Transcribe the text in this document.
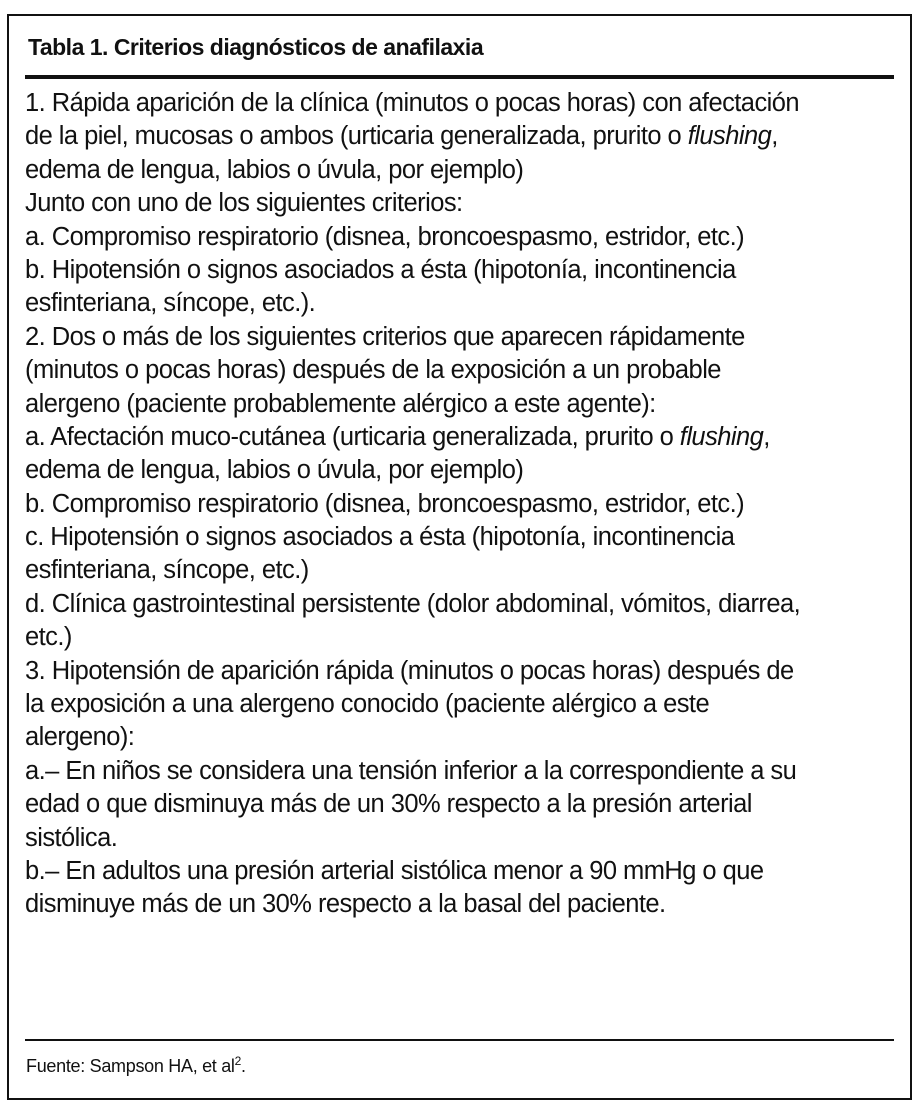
Tabla 1. Criterios diagnósticos de anafilaxia
1. Rápida aparición de la clínica (minutos o pocas horas) con afectación
de la piel, mucosas o ambos (urticaria generalizada, prurito o flushing,
edema de lengua, labios o úvula, por ejemplo)
Junto con uno de los siguientes criterios:
a. Compromiso respiratorio (disnea, broncoespasmo, estridor, etc.)
b. Hipotensión o signos asociados a ésta (hipotonía, incontinencia
esfinteriana, síncope, etc.).
2. Dos o más de los siguientes criterios que aparecen rápidamente
(minutos o pocas horas) después de la exposición a un probable
alergeno (paciente probablemente alérgico a este agente):
a. Afectación muco-cutánea (urticaria generalizada, prurito o flushing,
edema de lengua, labios o úvula, por ejemplo)
b. Compromiso respiratorio (disnea, broncoespasmo, estridor, etc.)
c. Hipotensión o signos asociados a ésta (hipotonía, incontinencia
esfinteriana, síncope, etc.)
d. Clínica gastrointestinal persistente (dolor abdominal, vómitos, diarrea,
etc.)
3. Hipotensión de aparición rápida (minutos o pocas horas) después de
la exposición a una alergeno conocido (paciente alérgico a este
alergeno):
a.– En niños se considera una tensión inferior a la correspondiente a su
edad o que disminuya más de un 30% respecto a la presión arterial
sistólica.
b.– En adultos una presión arterial sistólica menor a 90 mmHg o que
disminuye más de un 30% respecto a la basal del paciente.
Fuente: Sampson HA, et $al^2$.
